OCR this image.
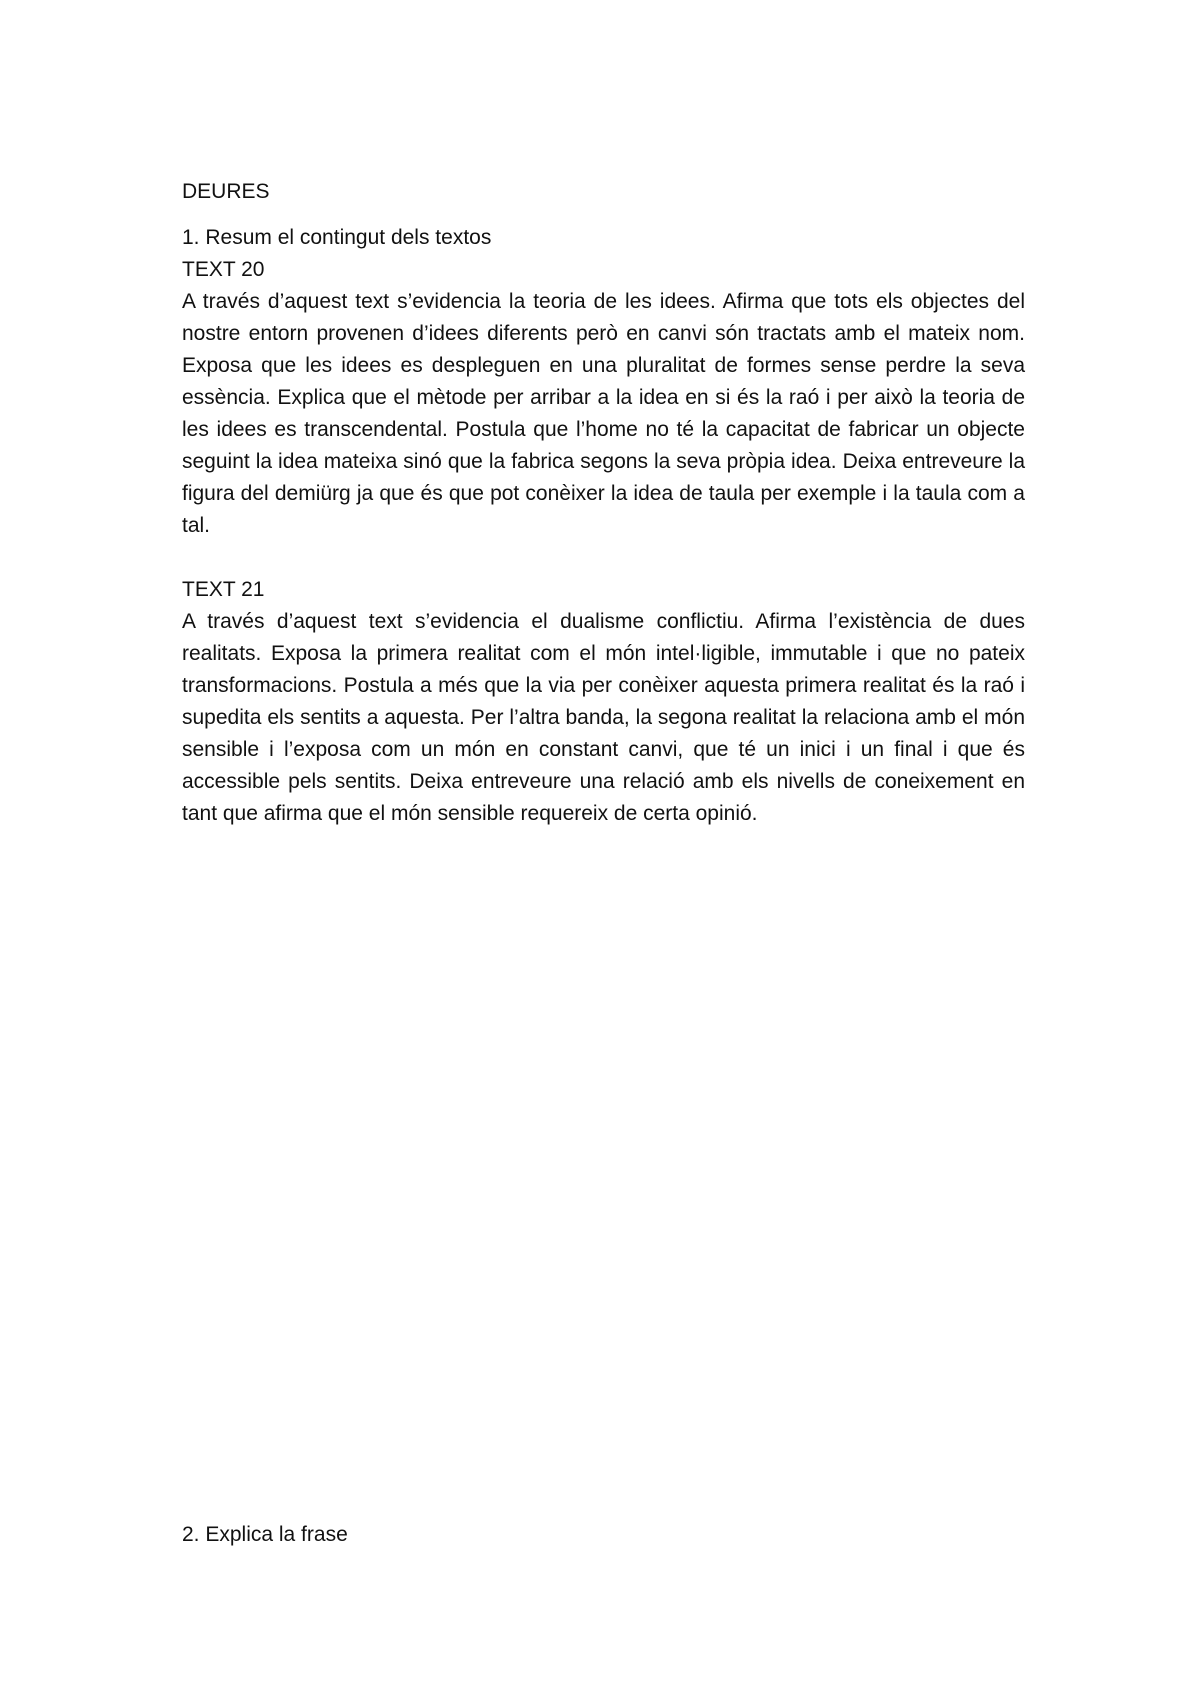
DEURES

1. Resum el contingut dels textos

TEXT 20

A través d’aquest text s’evidencia la teoria de les idees. Afirma que tots els objectes del nostre entorn provenen d’idees diferents però en canvi són tractats amb el mateix nom. Exposa que les idees es despleguen en una pluralitat de formes sense perdre la seva essència. Explica que el mètode per arribar a la idea en si és la raó i per això la teoria de les idees es transcendental. Postula que l’home no té la capacitat de fabricar un objecte seguint la idea mateixa sinó que la fabrica segons la seva pròpia idea. Deixa entreveure la figura del demiürg ja que és que pot conèixer la idea de taula per exemple i la taula com a tal.

TEXT 21

A través d’aquest text s’evidencia el dualisme conflictiu. Afirma l’existència de dues realitats. Exposa la primera realitat com el món intel·ligible, immutable i que no pateix transformacions. Postula a més que la via per conèixer aquesta primera realitat és la raó i supedita els sentits a aquesta. Per l’altra banda, la segona realitat la relaciona amb el món sensible i l’exposa com un món en constant canvi, que té un inici i un final i que és accessible pels sentits. Deixa entreveure una relació amb els nivells de coneixement en tant que afirma que el món sensible requereix de certa opinió.

2. Explica la frase
